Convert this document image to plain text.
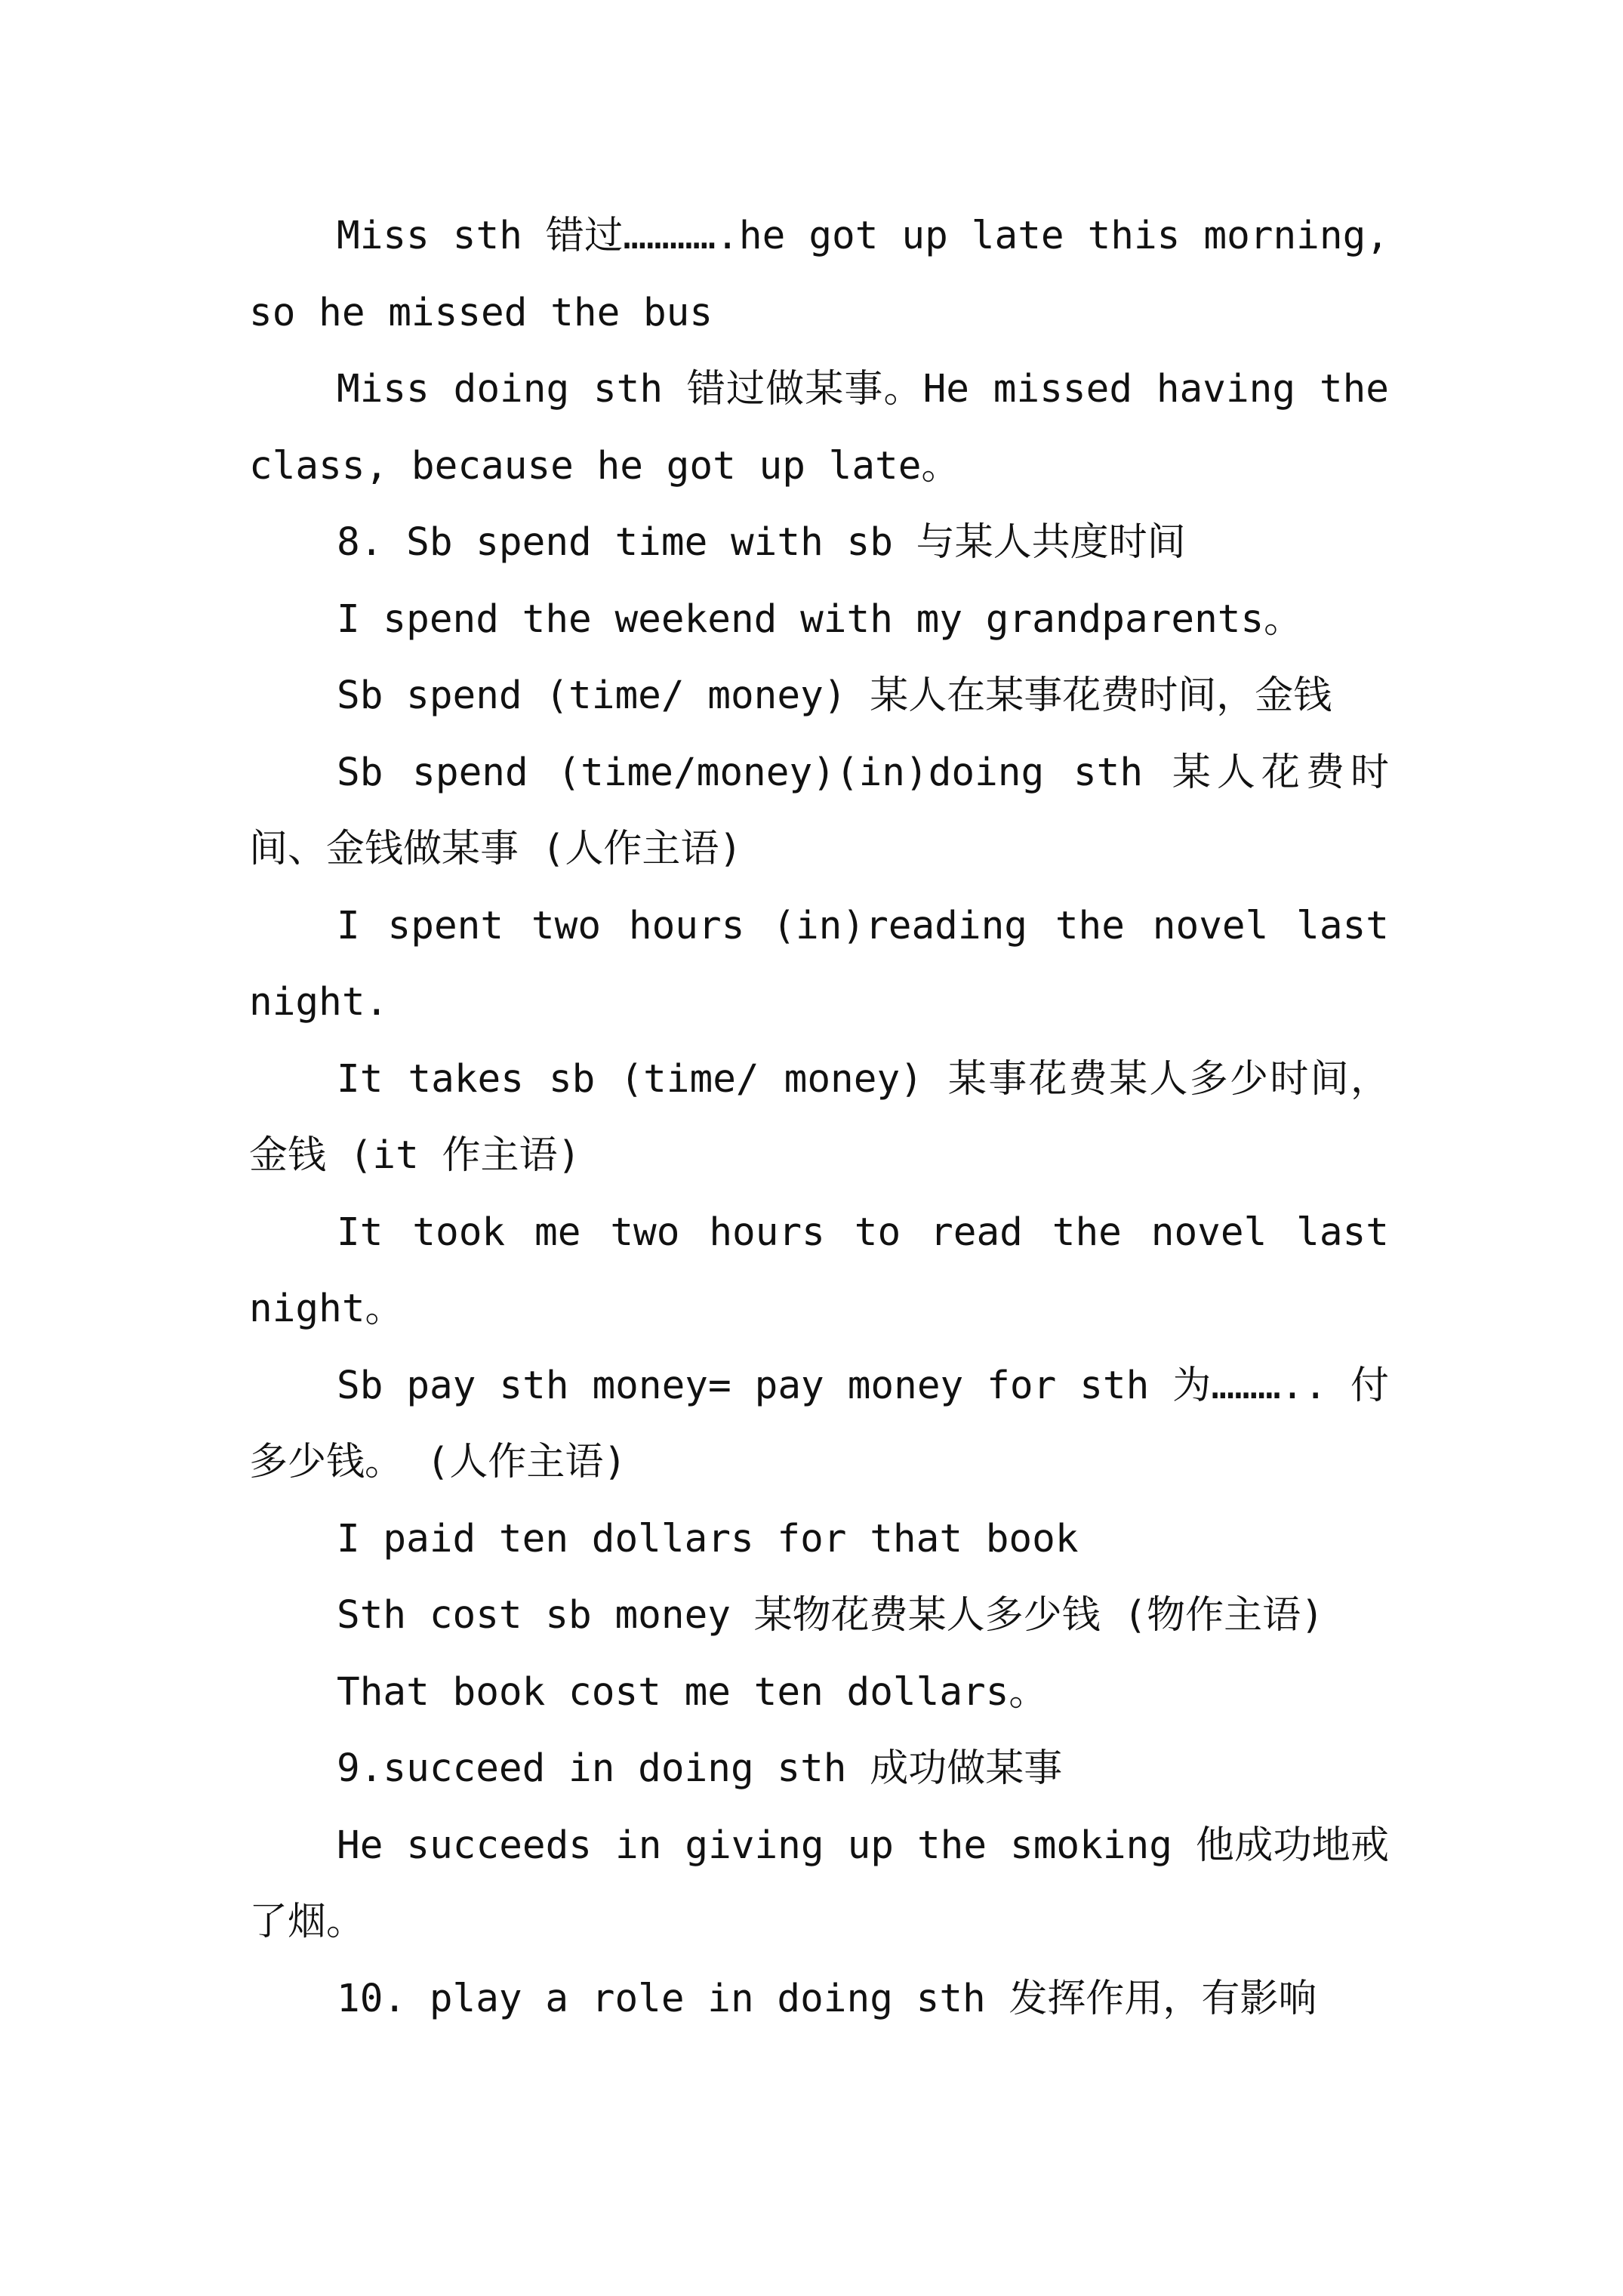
Miss sth 错过………….he got up late this morning, so he missed the bus

Miss doing sth 错过做某事。He missed having the class, because he got up late。

8. Sb spend time with sb 与某人共度时间

I spend the weekend with my grandparents。

Sb spend (time/ money) 某人在某事花费时间，金钱

Sb spend (time/money)(in)doing sth 某人花费时间、金钱做某事 (人作主语)

I spent two hours (in)reading the novel last night.

It takes sb (time/ money) 某事花费某人多少时间，金钱 (it 作主语)

It took me two hours to read the novel last night。

Sb pay sth money= pay money for sth 为……….. 付多少钱。 (人作主语)

I paid ten dollars for that book

Sth cost sb money 某物花费某人多少钱 (物作主语)

That book cost me ten dollars。

9.succeed in doing sth 成功做某事

He succeeds in giving up the smoking 他成功地戒了烟。

10. play a role in doing sth 发挥作用，有影响
